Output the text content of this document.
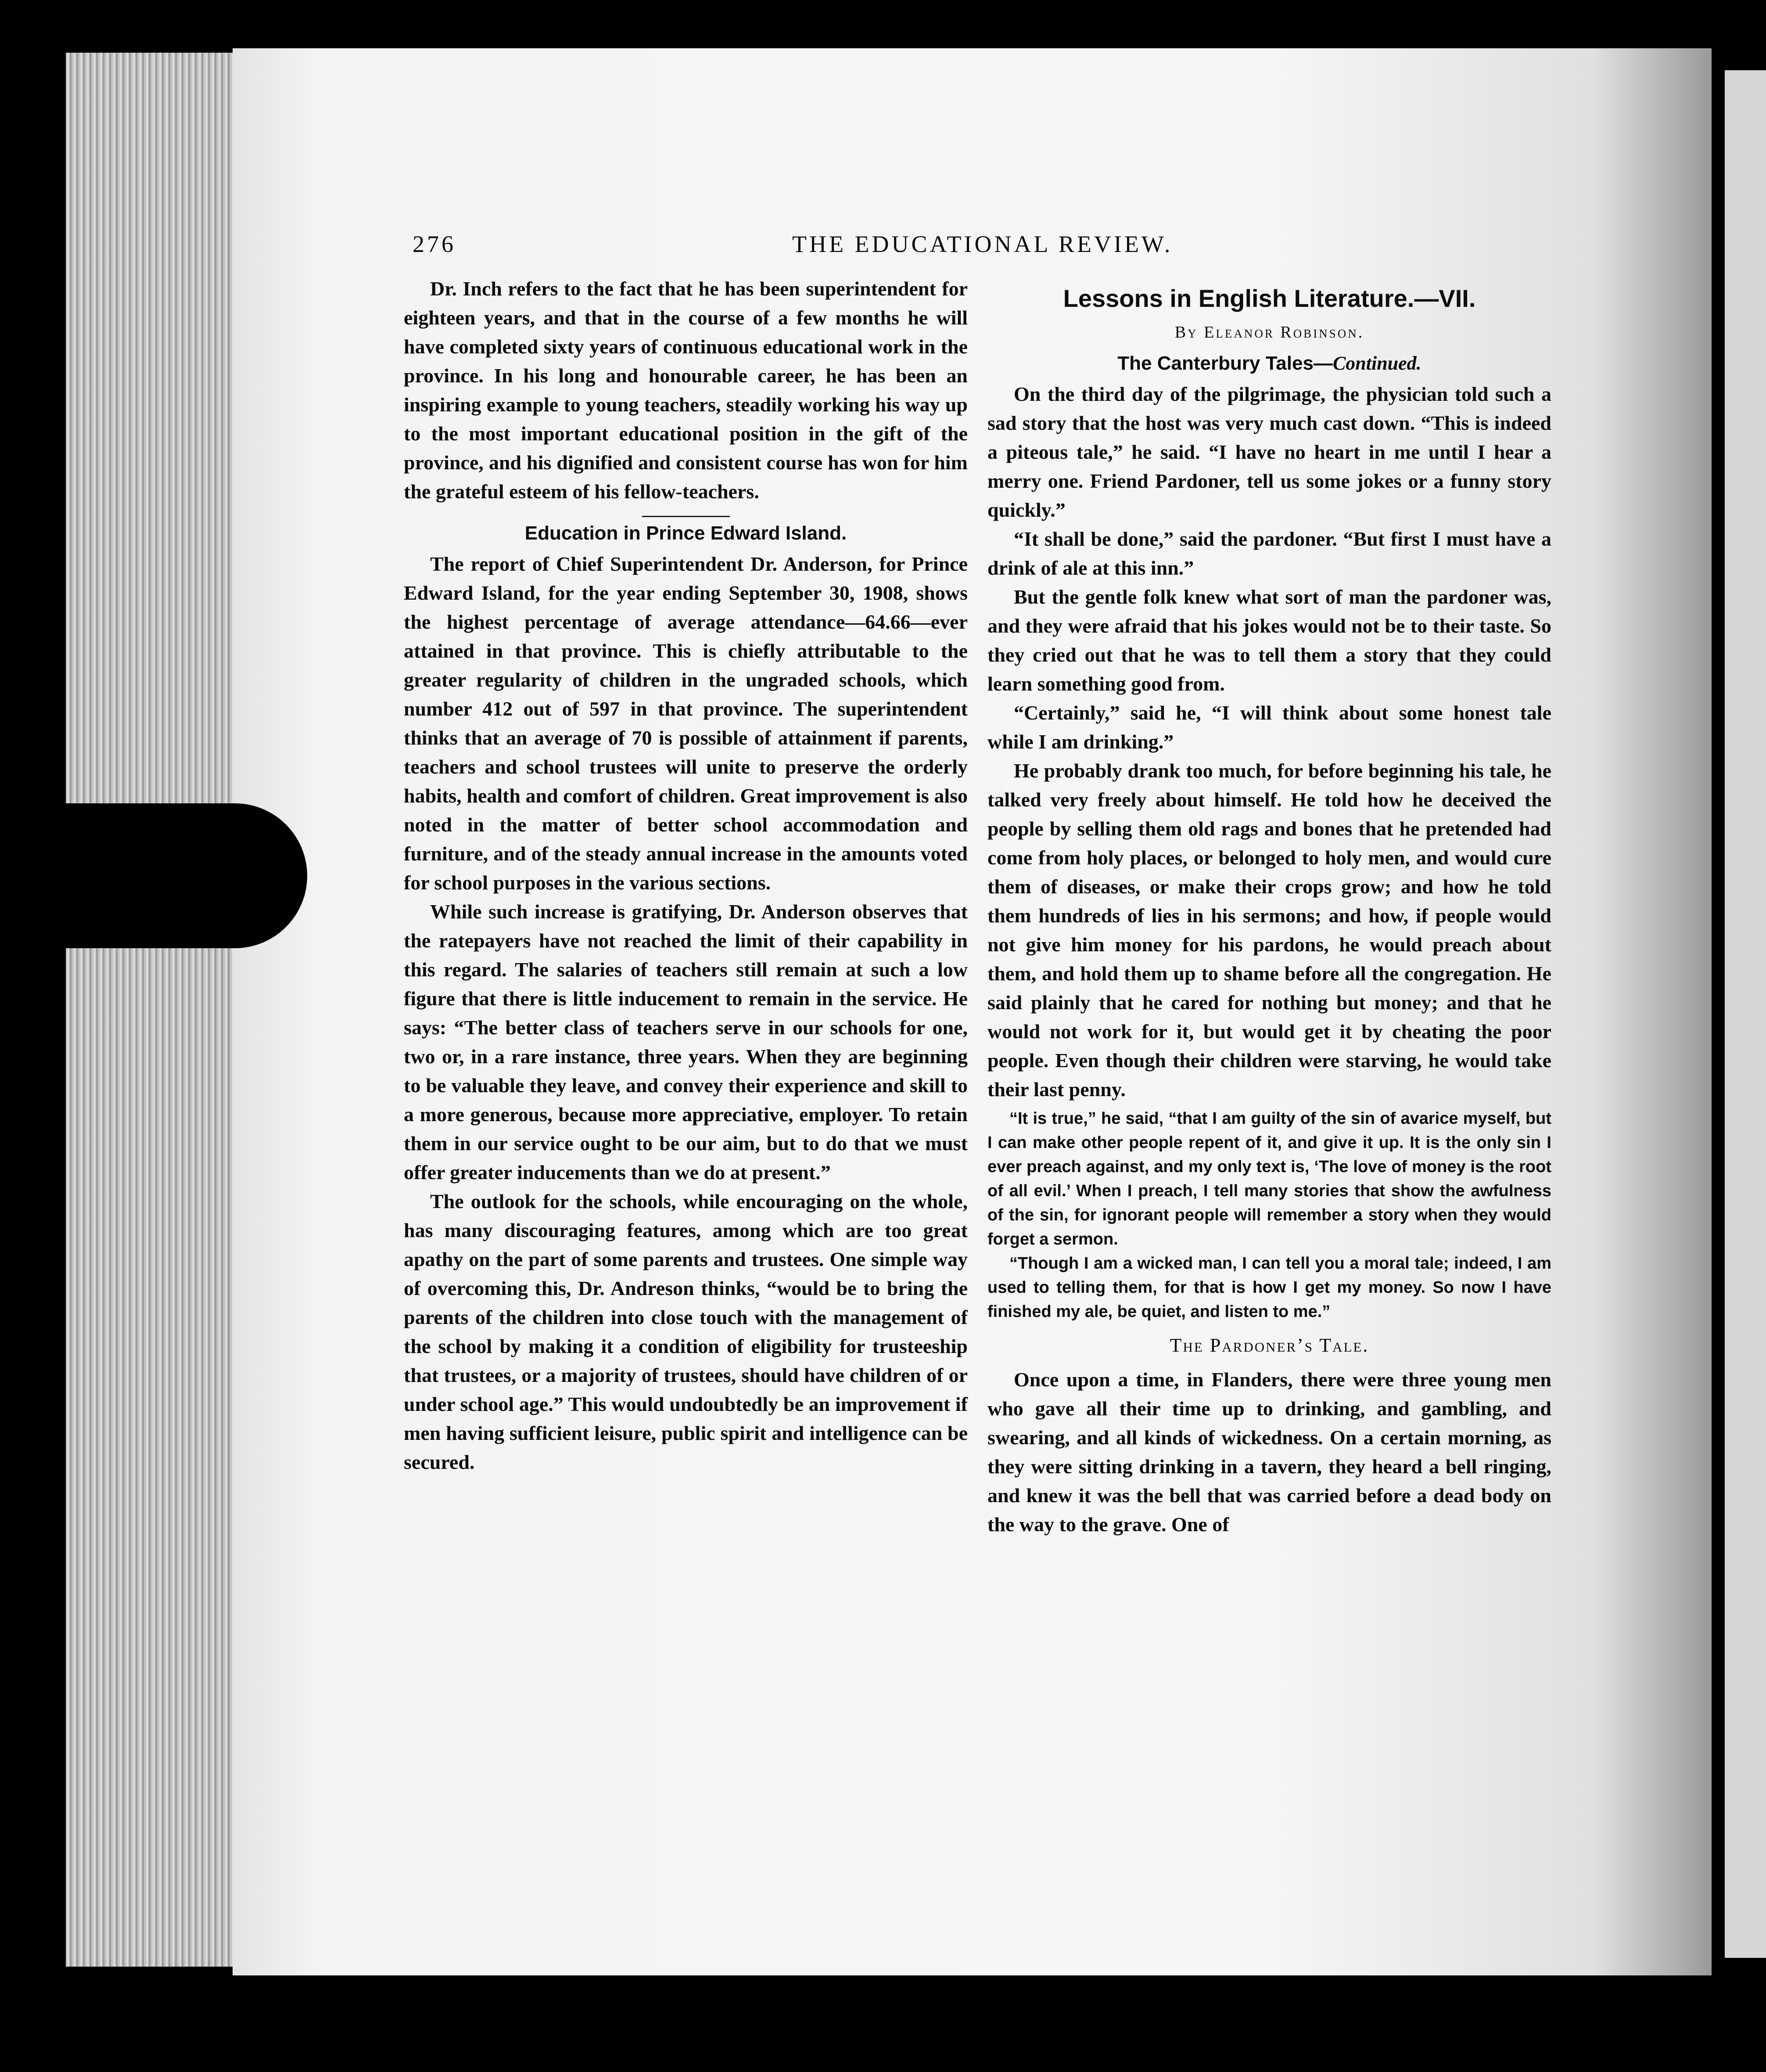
276	THE EDUCATIONAL REVIEW.

Dr. Inch refers to the fact that he has been superintendent for eighteen years, and that in the course of a few months he will have completed sixty years of continuous educational work in the province. In his long and honourable career, he has been an inspiring example to young teachers, steadily working his way up to the most important educational position in the gift of the province, and his dignified and consistent course has won for him the grateful esteem of his fellow-teachers.

Education in Prince Edward Island.

The report of Chief Superintendent Dr. Anderson, for Prince Edward Island, for the year ending September 30, 1908, shows the highest percentage of average attendance—64.66—ever attained in that province. This is chiefly attributable to the greater regularity of children in the ungraded schools, which number 412 out of 597 in that province. The superintendent thinks that an average of 70 is possible of attainment if parents, teachers and school trustees will unite to preserve the orderly habits, health and comfort of children. Great improvement is also noted in the matter of better school accommodation and furniture, and of the steady annual increase in the amounts voted for school purposes in the various sections.

While such increase is gratifying, Dr. Anderson observes that the ratepayers have not reached the limit of their capability in this regard. The salaries of teachers still remain at such a low figure that there is little inducement to remain in the service. He says: “The better class of teachers serve in our schools for one, two or, in a rare instance, three years. When they are beginning to be valuable they leave, and convey their experience and skill to a more generous, because more appreciative, employer. To retain them in our service ought to be our aim, but to do that we must offer greater inducements than we do at present.”

The outlook for the schools, while encouraging on the whole, has many discouraging features, among which are too great apathy on the part of some parents and trustees. One simple way of overcoming this, Dr. Andreson thinks, “would be to bring the parents of the children into close touch with the management of the school by making it a condition of eligibility for trusteeship that trustees, or a majority of trustees, should have children of or under school age.” This would undoubtedly be an improvement if men having sufficient leisure, public spirit and intelligence can be secured.

Lessons in English Literature.—VII.
By Eleanor Robinson.
The Canterbury Tales—Continued.

On the third day of the pilgrimage, the physician told such a sad story that the host was very much cast down. “This is indeed a piteous tale,” he said. “I have no heart in me until I hear a merry one. Friend Pardoner, tell us some jokes or a funny story quickly.”

“It shall be done,” said the pardoner. “But first I must have a drink of ale at this inn.”

But the gentle folk knew what sort of man the pardoner was, and they were afraid that his jokes would not be to their taste. So they cried out that he was to tell them a story that they could learn something good from.

“Certainly,” said he, “I will think about some honest tale while I am drinking.”

He probably drank too much, for before beginning his tale, he talked very freely about himself. He told how he deceived the people by selling them old rags and bones that he pretended had come from holy places, or belonged to holy men, and would cure them of diseases, or make their crops grow; and how he told them hundreds of lies in his sermons; and how, if people would not give him money for his pardons, he would preach about them, and hold them up to shame before all the congregation. He said plainly that he cared for nothing but money; and that he would not work for it, but would get it by cheating the poor people. Even though their children were starving, he would take their last penny.

“It is true,” he said, “that I am guilty of the sin of avarice myself, but I can make other people repent of it, and give it up. It is the only sin I ever preach against, and my only text is, ‘The love of money is the root of all evil.’ When I preach, I tell many stories that show the awfulness of the sin, for ignorant people will remember a story when they would forget a sermon.

“Though I am a wicked man, I can tell you a moral tale; indeed, I am used to telling them, for that is how I get my money. So now I have finished my ale, be quiet, and listen to me.”

The Pardoner’s Tale.

Once upon a time, in Flanders, there were three young men who gave all their time up to drinking, and gambling, and swearing, and all kinds of wickedness. On a certain morning, as they were sitting drinking in a tavern, they heard a bell ringing, and knew it was the bell that was carried before a dead body on the way to the grave. One of
